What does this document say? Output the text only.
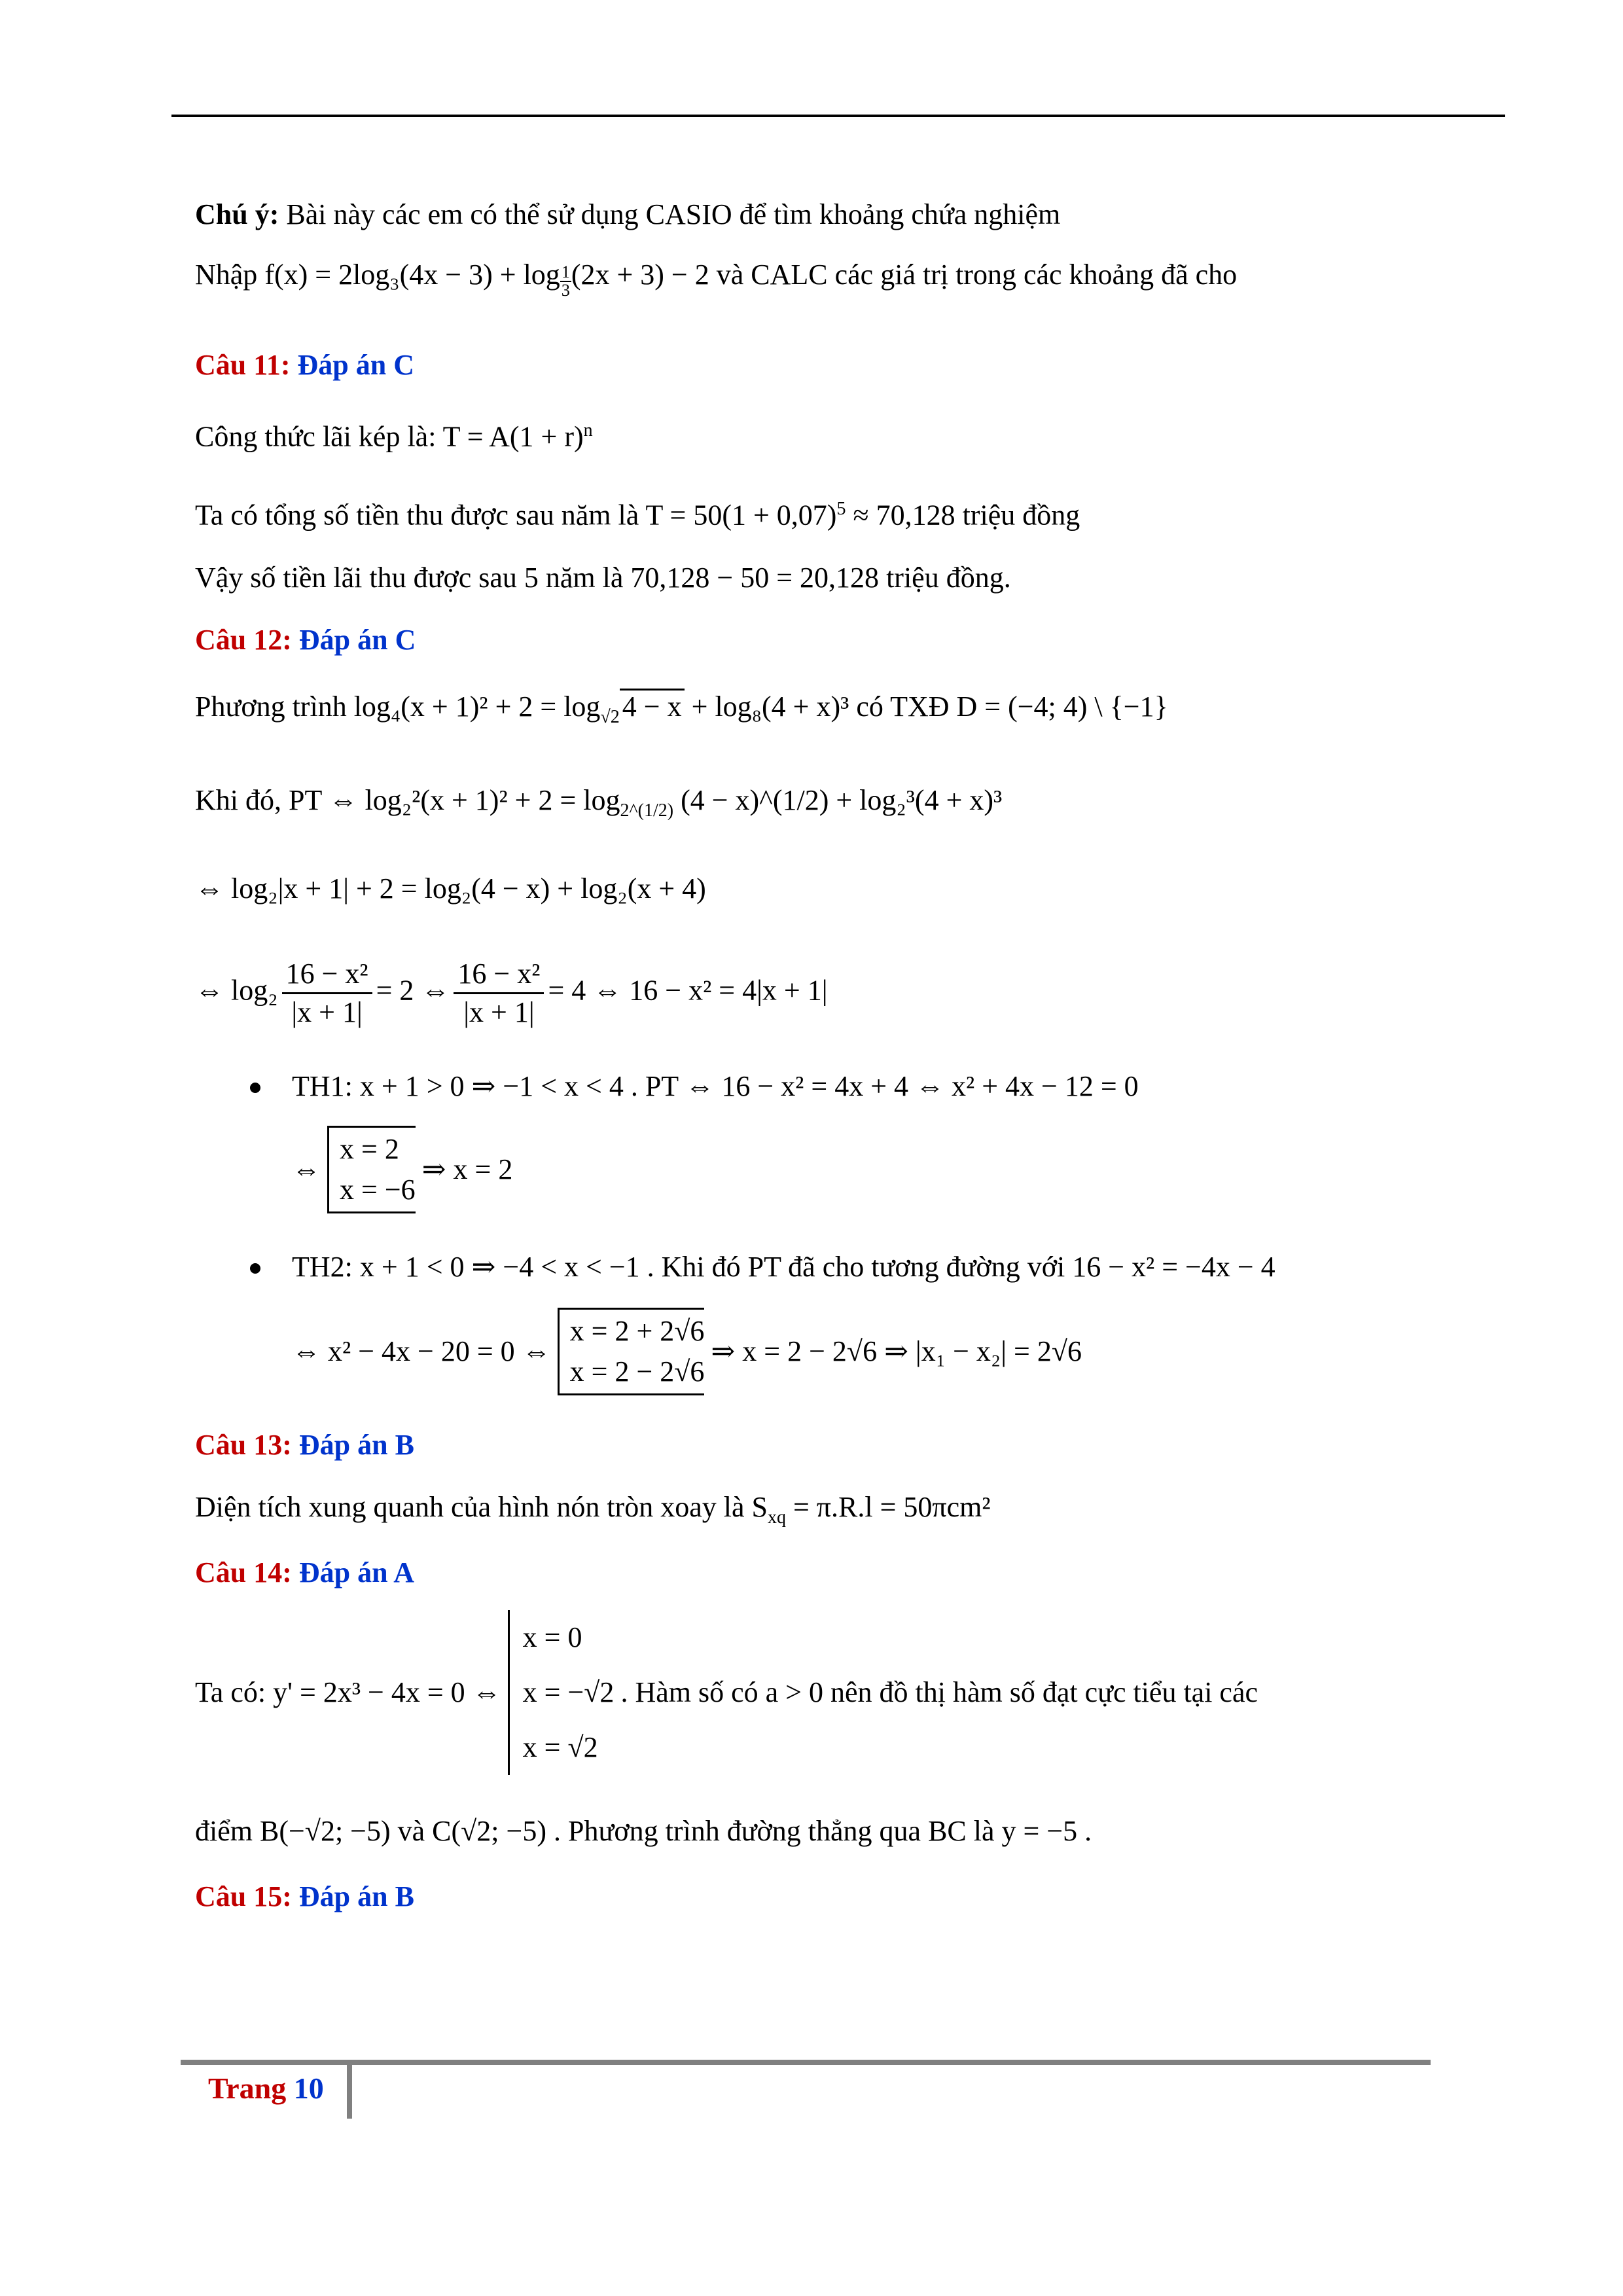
Chú ý: Bài này các em có thể sử dụng CASIO để tìm khoảng chứa nghiệm
Nhập $f(x) = 2\log_3(4x - 3) + \log \frac{1}{3}(2x + 3) - 2$ và CALC các giá trị trong các khoảng đã cho
Câu 11: Đáp án C
Công thức lãi kép là: $T = A(1 + r)^n$
Ta có tổng số tiền thu được sau năm là $T = 50(1 + 0,07)^5 \approx 70,128$ triệu đồng
Vậy số tiền lãi thu được sau 5 năm là 70,128 − 50 = 20,128 triệu đồng.
Câu 12: Đáp án C
Phương trình $\log_4(x + 1)^2 + 2 = \log_{√2}4 - x + \log_8(4 + x)^3$ có TXĐ D = (−4; 4) \ {−1}
Khi đó, PT ⇔ $\log_2^2(x + 1)^2 + 2 = \log_{2\^{}(1/2)} (4$ − x)^(1/2) + log₂³(4 + x)³
⇔ log₂|x + 1| + 2 = log₂(4 − x) + log₂(x + 4)
⇔ $\log_2 \frac{\text{16 − x²}}{|x + 1|} = 2$ ⇔ $\frac{\text{16 − x²}}{|x + 1|} = 4$ ⇔ 16 − x² = 4|x + 1|
TH1: x + 1 > 0 ⇒ −1 < x < 4 . PT ⇔ 16 − x² = 4x + 4 ⇔ x² + 4x − 12 = 0
⇔
x = 2
x = −6
⇒ x = 2
TH2: x + 1 < 0 ⇒ −4 < x < −1 . Khi đó PT đã cho tương đường với 16 − x² = −4x − 4
⇔ x² − 4x − 20 = 0 ⇔
x = 2 + 2√6
x = 2 − 2√6
⇒ x = 2 − 2√6 ⇒ |x₁ − x₂| = 2√6
Câu 13: Đáp án B
Diện tích xung quanh của hình nón tròn xoay là $S_{xq} = \pi.R.l = 50\pi cm^2$
Câu 14: Đáp án A
Ta có: y' = 2x³ − 4x = 0 ⇔
x = 0
x = −√2
x = √2
. Hàm số có a > 0 nên đồ thị hàm số đạt cực tiểu tại các
điểm B(−√2; −5) và C(√2; −5) . Phương trình đường thẳng qua BC là y = −5 .
Câu 15: Đáp án B
Trang 10
